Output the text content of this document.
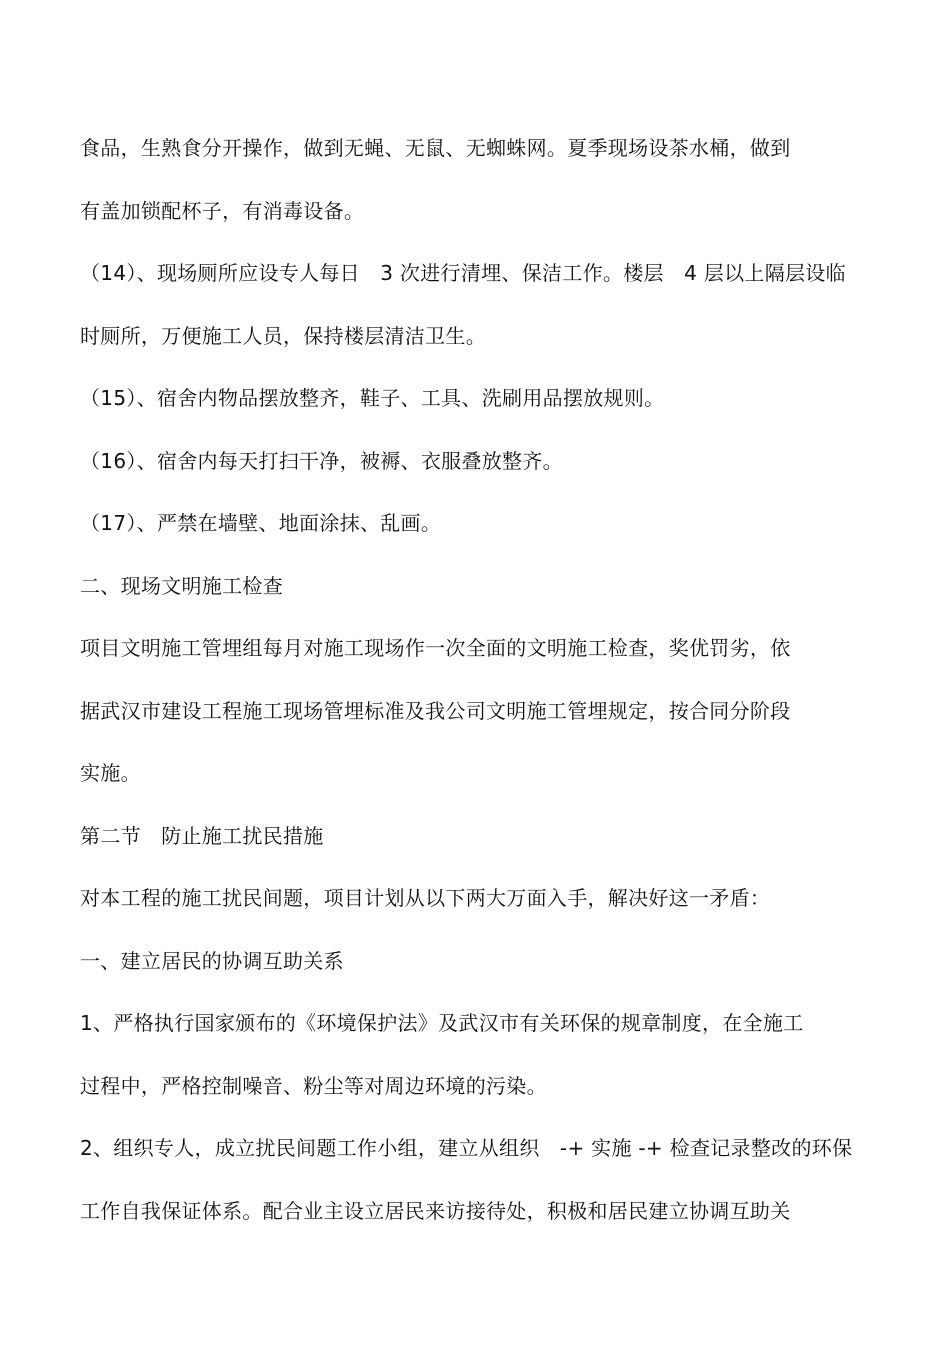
食品，生熟食分开操作，做到无蝇、无鼠、无蜘蛛网。夏季现场设茶水桶，做到
有盖加锁配杯子，有消毒设备。
（14）、现场厕所应设专人每日　3 次进行清埋、保洁工作。楼层　4 层以上隔层设临
时厕所，万便施工人员，保持楼层清洁卫生。
（15）、宿舍内物品摆放整齐，鞋子、工具、洗刷用品摆放规则。
（16）、宿舍内每天打扫干净，被褥、衣服叠放整齐。
（17）、严禁在墙壁、地面涂抹、乱画。
二、现场文明施工检查
项目文明施工管埋组每月对施工现场作一次全面的文明施工检查，奖优罚劣，依
据武汉市建设工程施工现场管埋标准及我公司文明施工管埋规定，按合同分阶段
实施。
第二节　防止施工扰民措施
对本工程的施工扰民间题，项目计划从以下两大万面入手，解决好这一矛盾：
一、建立居民的协调互助关系
1、严格执行国家颁布的《环境保护法》及武汉市有关环保的规章制度，在全施工
过程中，严格控制噪音、粉尘等对周边环境的污染。
2、组织专人，成立扰民间题工作小组，建立从组织　-+ 实施 -+ 检查记录整改的环保
工作自我保证体系。配合业主设立居民来访接待处，积极和居民建立协调互助关
